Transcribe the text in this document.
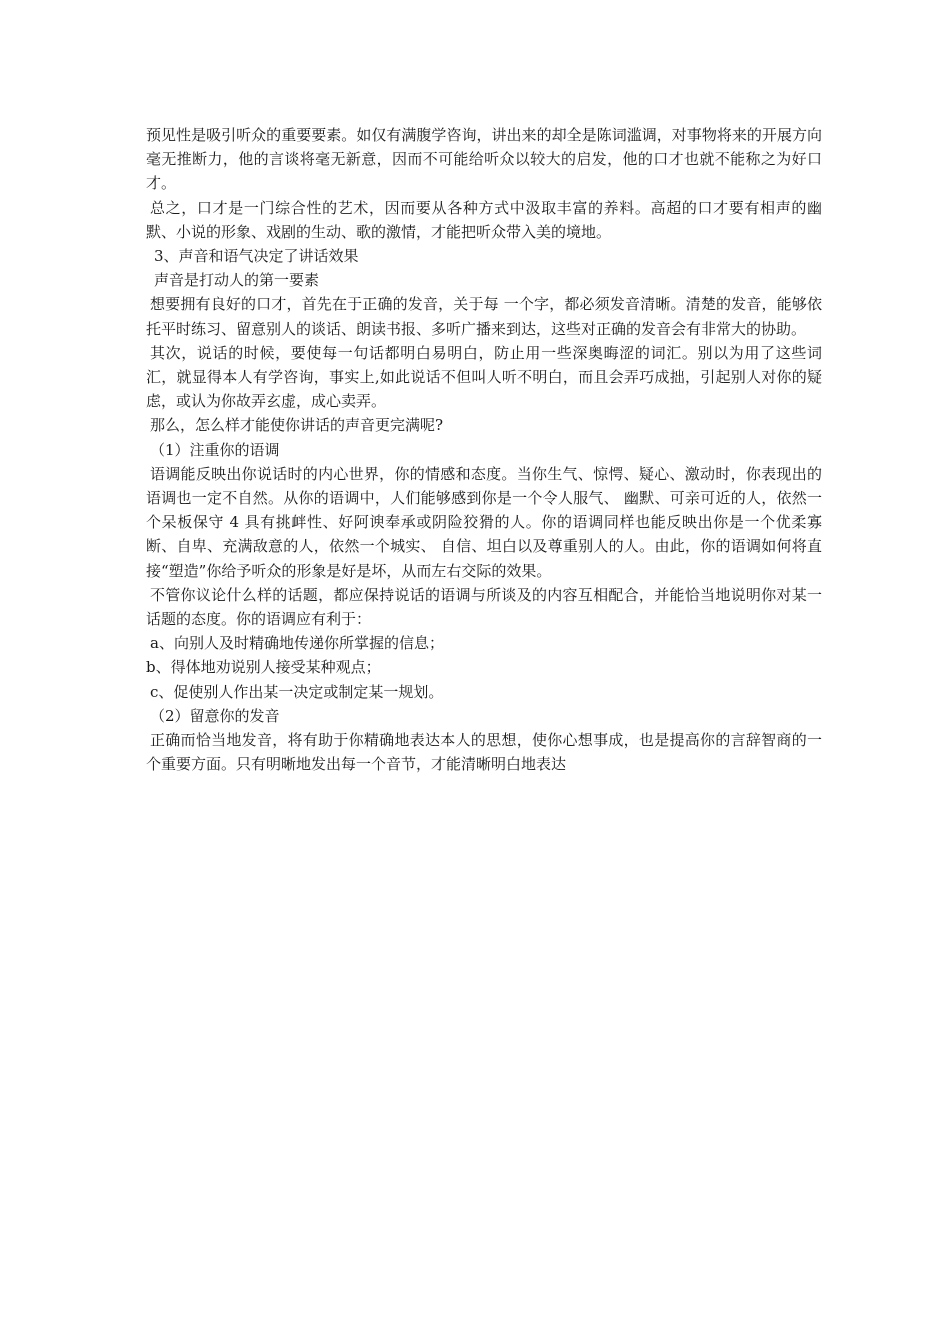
预见性是吸引听众的重要要素。如仅有满腹学咨询，讲出来的却全是陈词滥调，对事物将来的开展方向毫无推断力，他的言谈将毫无新意，因而不可能给听众以较大的启发，他的口才也就不能称之为好口才。

总之，口才是一门综合性的艺术，因而要从各种方式中汲取丰富的养料。高超的口才要有相声的幽默、小说的形象、戏剧的生动、歌的激情，才能把听众带入美的境地。

3、声音和语气决定了讲话效果

声音是打动人的第一要素

想要拥有良好的口才，首先在于正确的发音，关于每 一个字，都必须发音清晰。清楚的发音，能够依托平时练习、留意别人的谈话、朗读书报、多听广播来到达，这些对正确的发音会有非常大的协助。

其次，说话的时候，要使每一句话都明白易明白，防止用一些深奥晦涩的词汇。别以为用了这些词汇，就显得本人有学咨询，事实上,如此说话不但叫人听不明白，而且会弄巧成拙，引起别人对你的疑虑，或认为你故弄玄虚，成心卖弄。

那么，怎么样才能使你讲话的声音更完满呢?

（1）注重你的语调

语调能反映出你说话时的内心世界，你的情感和态度。当你生气、惊愕、疑心、激动时，你表现出的语调也一定不自然。从你的语调中，人们能够感到你是一个令人服气、 幽默、可亲可近的人，依然一个呆板保守 4 具有挑衅性、好阿谀奉承或阴险狡猾的人。你的语调同样也能反映出你是一个优柔寡断、自卑、充满敌意的人，依然一个城实、 自信、坦白以及尊重别人的人。由此，你的语调如何将直 接“塑造”你给予听众的形象是好是坏，从而左右交际的效果。

不管你议论什么样的话题，都应保持说话的语调与所谈及的内容互相配合，并能恰当地说明你对某一话题的态度。你的语调应有利于：

a、向别人及时精确地传递你所掌握的信息；

b、得体地劝说别人接受某种观点；

c、促使别人作出某一决定或制定某一规划。

（2）留意你的发音

正确而恰当地发音，将有助于你精确地表达本人的思想，使你心想事成，也是提高你的言辞智商的一个重要方面。只有明晰地发出每一个音节，才能清晰明白地表达
